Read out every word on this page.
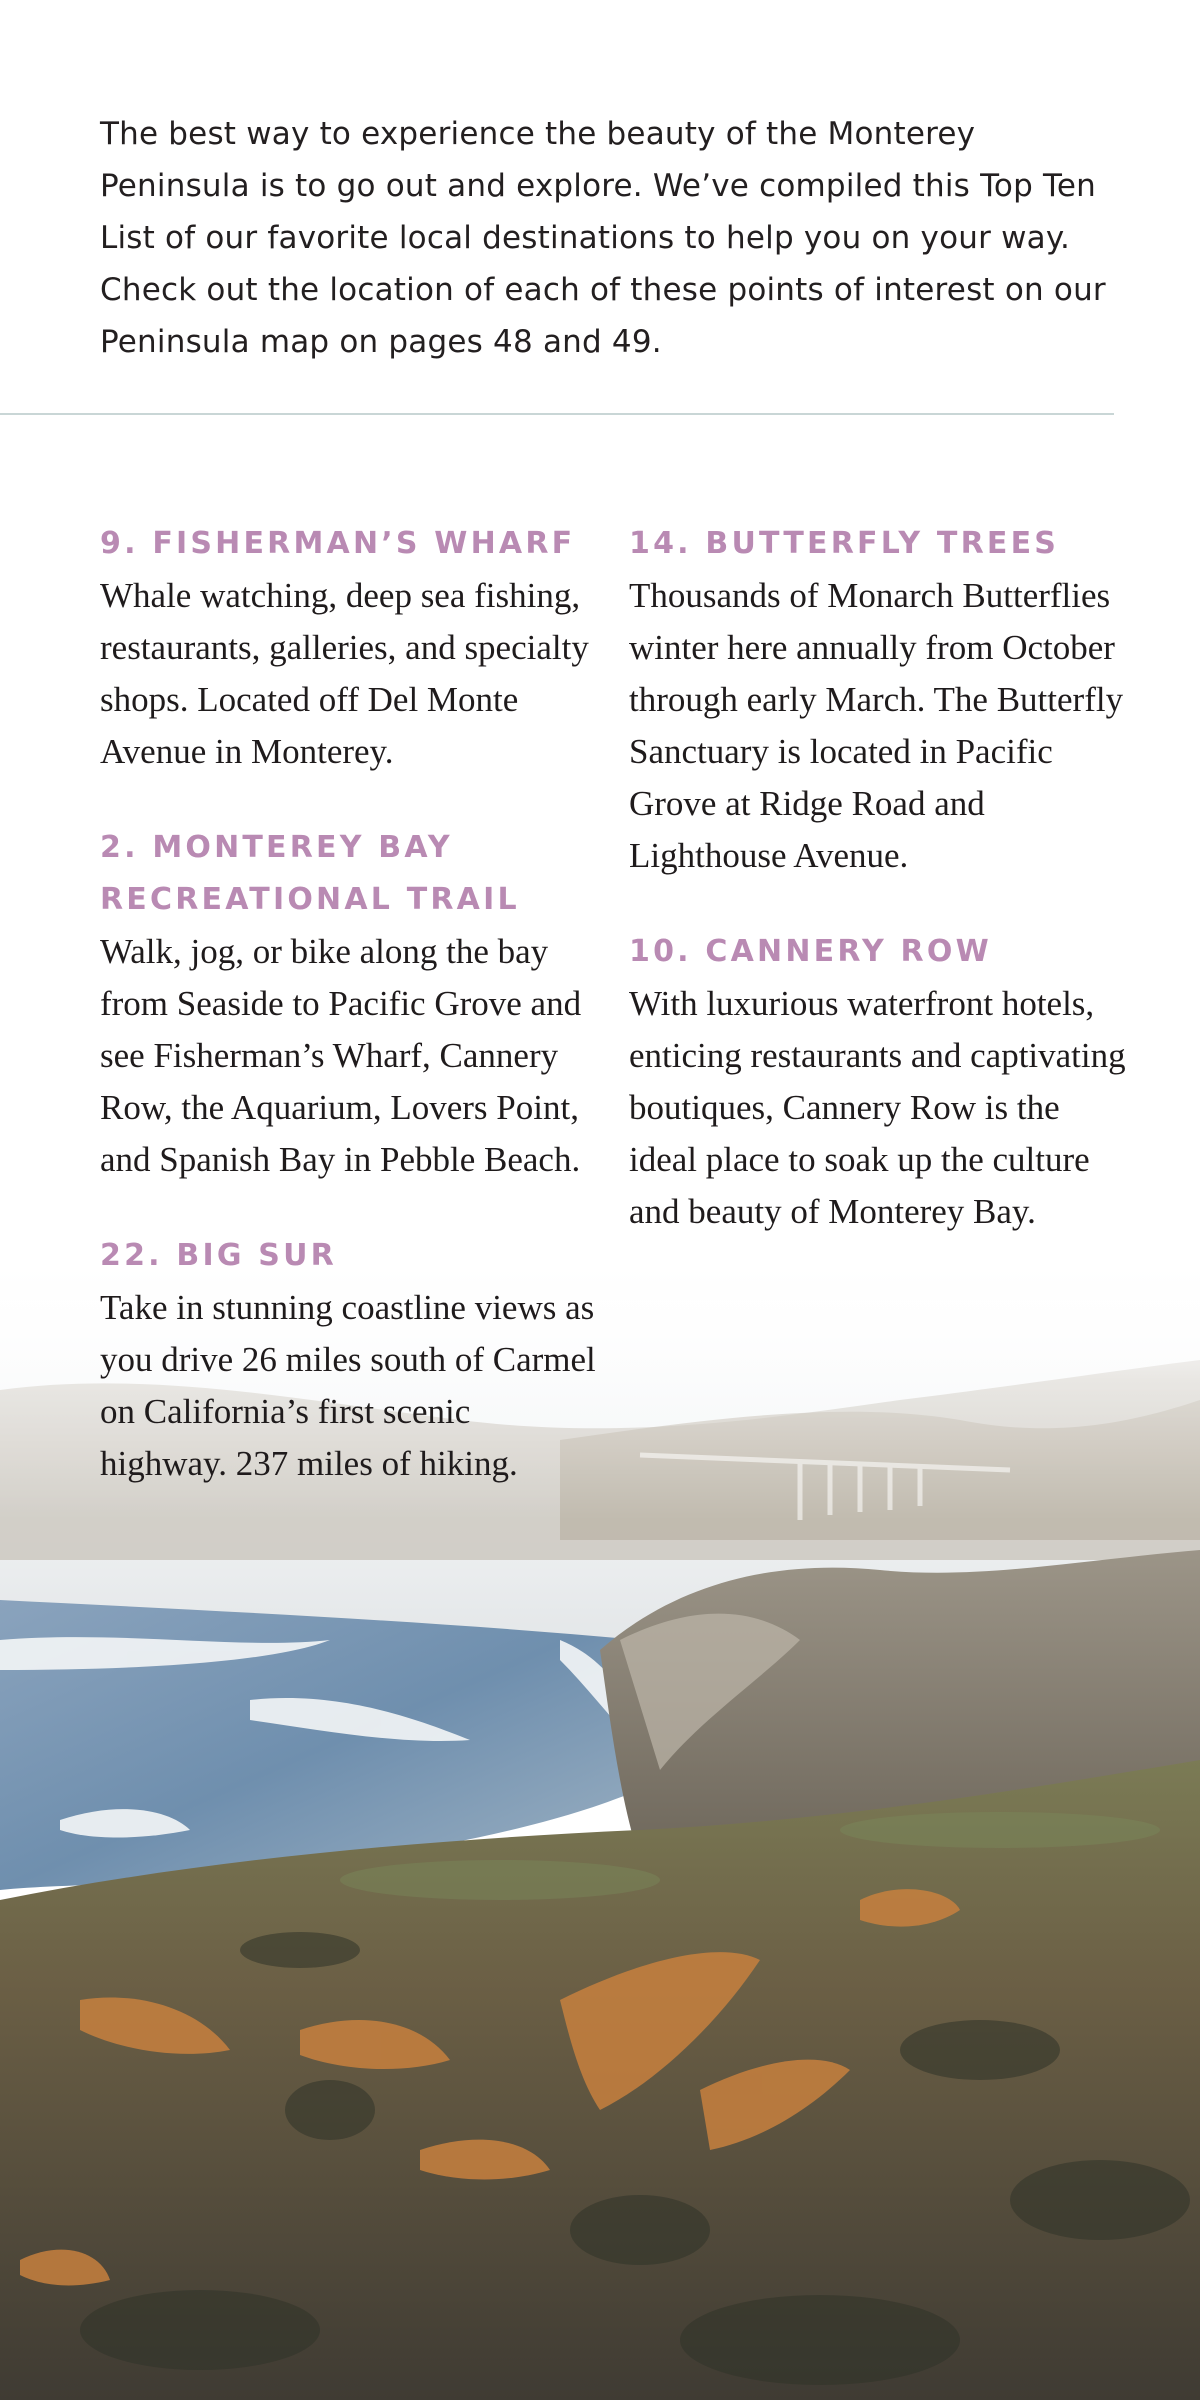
The best way to experience the beauty of the Monterey Peninsula is to go out and explore. We’ve compiled this Top Ten List of our favorite local destinations to help you on your way. Check out the location of each of these points of interest on our Peninsula map on pages 48 and 49.

9. FISHERMAN’S WHARF

Whale watching, deep sea fishing, restaurants, galleries, and specialty shops. Located off Del Monte Avenue in Monterey.

2. MONTEREY BAY RECREATIONAL TRAIL

Walk, jog, or bike along the bay from Seaside to Pacific Grove and see Fisherman’s Wharf, Cannery Row, the Aquarium, Lovers Point, and Spanish Bay in Pebble Beach.

22. BIG SUR

Take in stunning coastline views as you drive 26 miles south of Carmel on California’s first scenic highway. 237 miles of hiking.

14. BUTTERFLY TREES

Thousands of Monarch Butterflies winter here annually from October through early March. The Butterfly Sanctuary is located in Pacific Grove at Ridge Road and Lighthouse Avenue.

10. CANNERY ROW

With luxurious waterfront hotels, enticing restaurants and captivating boutiques, Cannery Row is the ideal place to soak up the culture and beauty of Monterey Bay.
